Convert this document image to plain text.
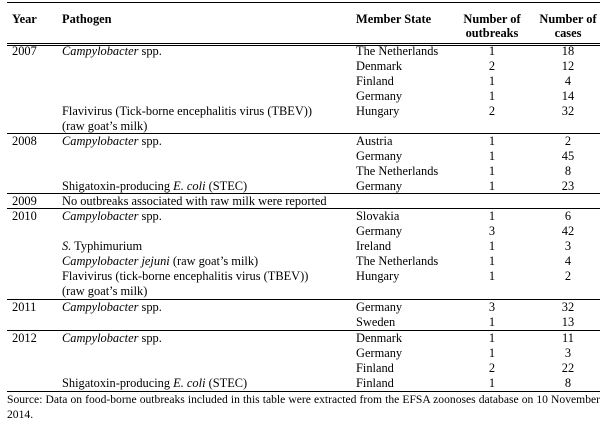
Year Pathogen	Member State	Number of
outbreaks
Number of
cases
2007 Campylobacter spp.	The Netherlands	1	18
Denmark	2	12
Finland	1	4
Germany	1	14
Flavivirus (Tick-borne encephalitis virus (TBEV))	Hungary	2	32
(raw goat’s milk)
2008 Campylobacter spp.	Austria	1	2
Germany	1	45
The Netherlands	1	8
Shigatoxin-producing E. coli (STEC)	Germany	1	23
2009 No outbreaks associated with raw milk were reported
2010 Campylobacter spp.	Slovakia	1	6
Germany	3	42
S. Typhimurium	Ireland	1	3
Campylobacter jejuni (raw goat’s milk)	The Netherlands	1	4
Flavivirus (tick-borne encephalitis virus (TBEV))	Hungary	1	2
(raw goat’s milk)
2011 Campylobacter spp.	Germany	3	32
Sweden	1	13
2012 Campylobacter spp.	Denmark	1	11
Germany	1	3
Finland	2	22
Shigatoxin-producing E. coli (STEC)	Finland	1	8
Source: Data on food-borne outbreaks included in this table were extracted from the EFSA zoonoses database on 10 November 2014.
